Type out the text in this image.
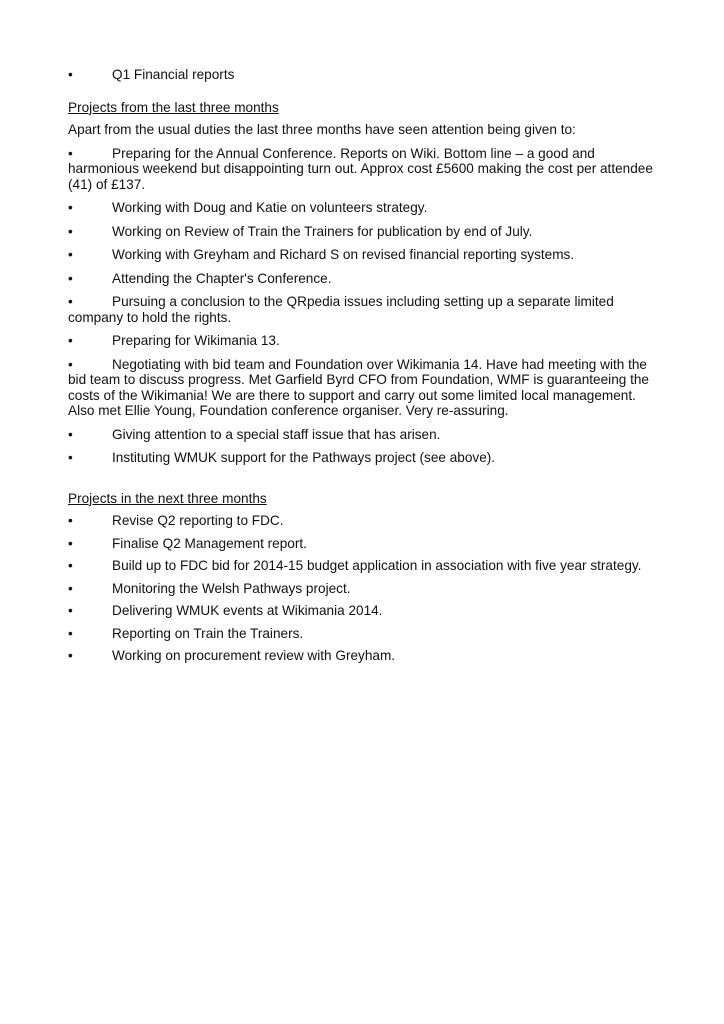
•	Q1 Financial reports

Projects from the last three months

Apart from the usual duties the last three months have seen attention being given to:

•	Preparing for the Annual Conference. Reports on Wiki. Bottom line – a good and
harmonious weekend but disappointing turn out. Approx cost £5600 making the cost per attendee
(41) of £137.

•	Working with Doug and Katie on volunteers strategy.

•	Working on Review of Train the Trainers for publication by end of July.

•	Working with Greyham and Richard S on revised financial reporting systems.

•	Attending the Chapter's Conference.

•	Pursuing a conclusion to the QRpedia issues including setting up a separate limited
company to hold the rights.

•	Preparing for Wikimania 13.

•	Negotiating with bid team and Foundation over Wikimania 14. Have had meeting with the
bid team to discuss progress. Met Garfield Byrd CFO from Foundation, WMF is guaranteeing the
costs of the Wikimania! We are there to support and carry out some limited local management.
Also met Ellie Young, Foundation conference organiser. Very re-assuring.

•	Giving attention to a special staff issue that has arisen.

•	Instituting WMUK support for the Pathways project (see above).

Projects in the next three months

•	Revise Q2 reporting to FDC.

•	Finalise Q2 Management report.

•	Build up to FDC bid for 2014-15 budget application in association with five year strategy.

•	Monitoring the Welsh Pathways project.

•	Delivering WMUK events at Wikimania 2014.

•	Reporting on Train the Trainers.

•	Working on procurement review with Greyham.
